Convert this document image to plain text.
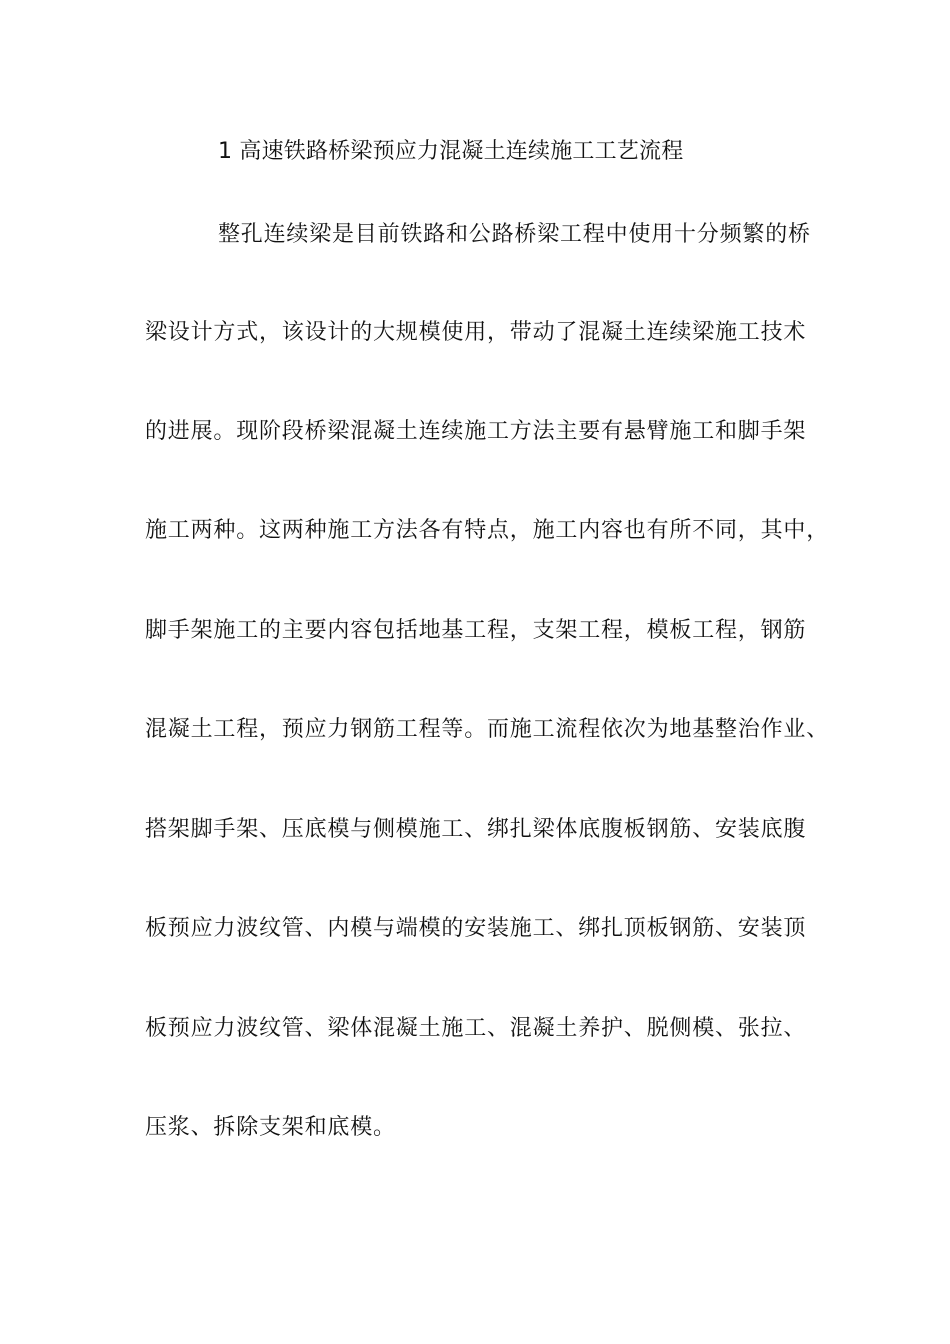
1 高速铁路桥梁预应力混凝土连续施工工艺流程
整孔连续梁是目前铁路和公路桥梁工程中使用十分频繁的桥
梁设计方式，该设计的大规模使用，带动了混凝土连续梁施工技术
的进展。现阶段桥梁混凝土连续施工方法主要有悬臂施工和脚手架
施工两种。这两种施工方法各有特点，施工内容也有所不同，其中，
脚手架施工的主要内容包括地基工程，支架工程，模板工程，钢筋
混凝土工程，预应力钢筋工程等。而施工流程依次为地基整治作业、
搭架脚手架、压底模与侧模施工、绑扎梁体底腹板钢筋、安装底腹
板预应力波纹管、内模与端模的安装施工、绑扎顶板钢筋、安装顶
板预应力波纹管、梁体混凝土施工、混凝土养护、脱侧模、张拉、
压浆、拆除支架和底模。
